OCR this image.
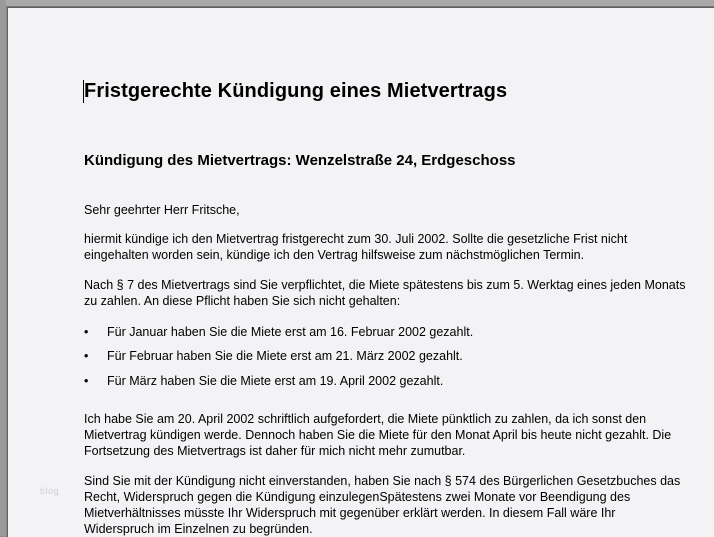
blog
Fristgerechte Kündigung eines Mietvertrags
Kündigung des Mietvertrags: Wenzelstraße 24, Erdgeschoss

Sehr geehrter Herr Fritsche,

hiermit kündige ich den Mietvertrag fristgerecht zum 30. Juli 2002. Sollte die gesetzliche Frist nicht

eingehalten worden sein, kündige ich den Vertrag hilfsweise zum nächstmöglichen Termin.

Nach § 7 des Mietvertrags sind Sie verpflichtet, die Miete spätestens bis zum 5. Werktag eines jeden Monats

zu zahlen. An diese Pflicht haben Sie sich nicht gehalten:

•	Für Januar haben Sie die Miete erst am 16. Februar 2002 gezahlt.
•	Für Februar haben Sie die Miete erst am 21. März 2002 gezahlt.
•	Für März haben Sie die Miete erst am 19. April 2002 gezahlt.

Ich habe Sie am 20. April 2002 schriftlich aufgefordert, die Miete pünktlich zu zahlen, da ich sonst den

Mietvertrag kündigen werde. Dennoch haben Sie die Miete für den Monat April bis heute nicht gezahlt. Die

Fortsetzung des Mietvertrags ist daher für mich nicht mehr zumutbar.

Sind Sie mit der Kündigung nicht einverstanden, haben Sie nach § 574 des Bürgerlichen Gesetzbuches das

Recht, Widerspruch gegen die Kündigung einzulegenSpätestens zwei Monate vor Beendigung des

Mietverhältnisses müsste Ihr Widerspruch mit gegenüber erklärt werden. In diesem Fall wäre Ihr

Widerspruch im Einzelnen zu begründen.
